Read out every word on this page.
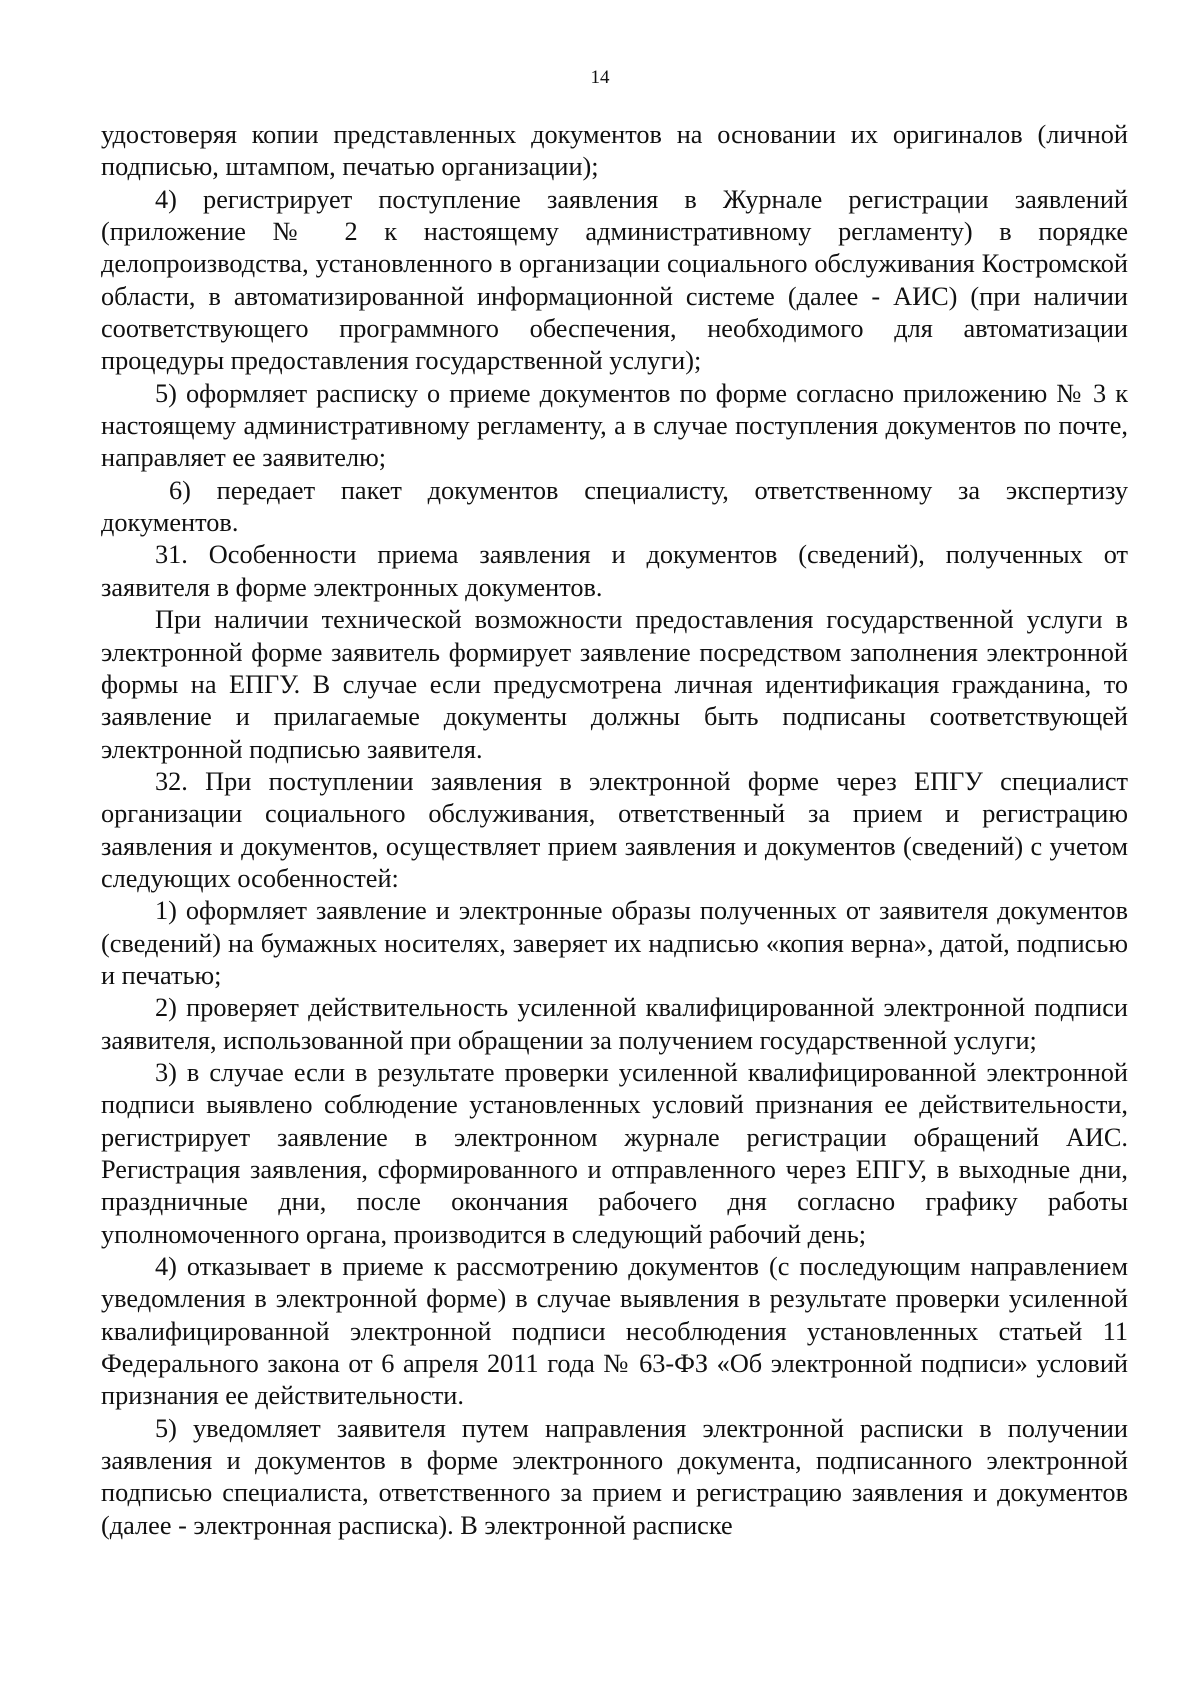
14

удостоверяя копии представленных документов на основании их оригиналов (личной подписью, штампом, печатью организации);

4) регистрирует поступление заявления в Журнале регистрации заявлений (приложение № 2 к настоящему административному регламенту) в порядке делопроизводства, установленного в организации социального обслуживания Костромской области, в автоматизированной информационной системе (далее - АИС) (при наличии соответствующего программного обеспечения, необходимого для автоматизации процедуры предоставления государственной услуги);

5) оформляет расписку о приеме документов по форме согласно приложению № 3 к настоящему административному регламенту, а в случае поступления документов по почте, направляет ее заявителю;

6) передает пакет документов специалисту, ответственному за экспертизу документов.

31. Особенности приема заявления и документов (сведений), полученных от заявителя в форме электронных документов.

При наличии технической возможности предоставления государственной услуги в электронной форме заявитель формирует заявление посредством заполнения электронной формы на ЕПГУ. В случае если предусмотрена личная идентификация гражданина, то заявление и прилагаемые документы должны быть подписаны соответствующей электронной подписью заявителя.

32. При поступлении заявления в электронной форме через ЕПГУ специалист организации социального обслуживания, ответственный за прием и регистрацию заявления и документов, осуществляет прием заявления и документов (сведений) с учетом следующих особенностей:

1) оформляет заявление и электронные образы полученных от заявителя документов (сведений) на бумажных носителях, заверяет их надписью «копия верна», датой, подписью и печатью;

2) проверяет действительность усиленной квалифицированной электронной подписи заявителя, использованной при обращении за получением государственной услуги;

3) в случае если в результате проверки усиленной квалифицированной электронной подписи выявлено соблюдение установленных условий признания ее действительности, регистрирует заявление в электронном журнале регистрации обращений АИС. Регистрация заявления, сформированного и отправленного через ЕПГУ, в выходные дни, праздничные дни, после окончания рабочего дня согласно графику работы уполномоченного органа, производится в следующий рабочий день;

4) отказывает в приеме к рассмотрению документов (с последующим направлением уведомления в электронной форме) в случае выявления в результате проверки усиленной квалифицированной электронной подписи несоблюдения установленных статьей 11 Федерального закона от 6 апреля 2011 года № 63-ФЗ «Об электронной подписи» условий признания ее действительности.

5) уведомляет заявителя путем направления электронной расписки в получении заявления и документов в форме электронного документа, подписанного электронной подписью специалиста, ответственного за прием и регистрацию заявления и документов (далее - электронная расписка). В электронной расписке
